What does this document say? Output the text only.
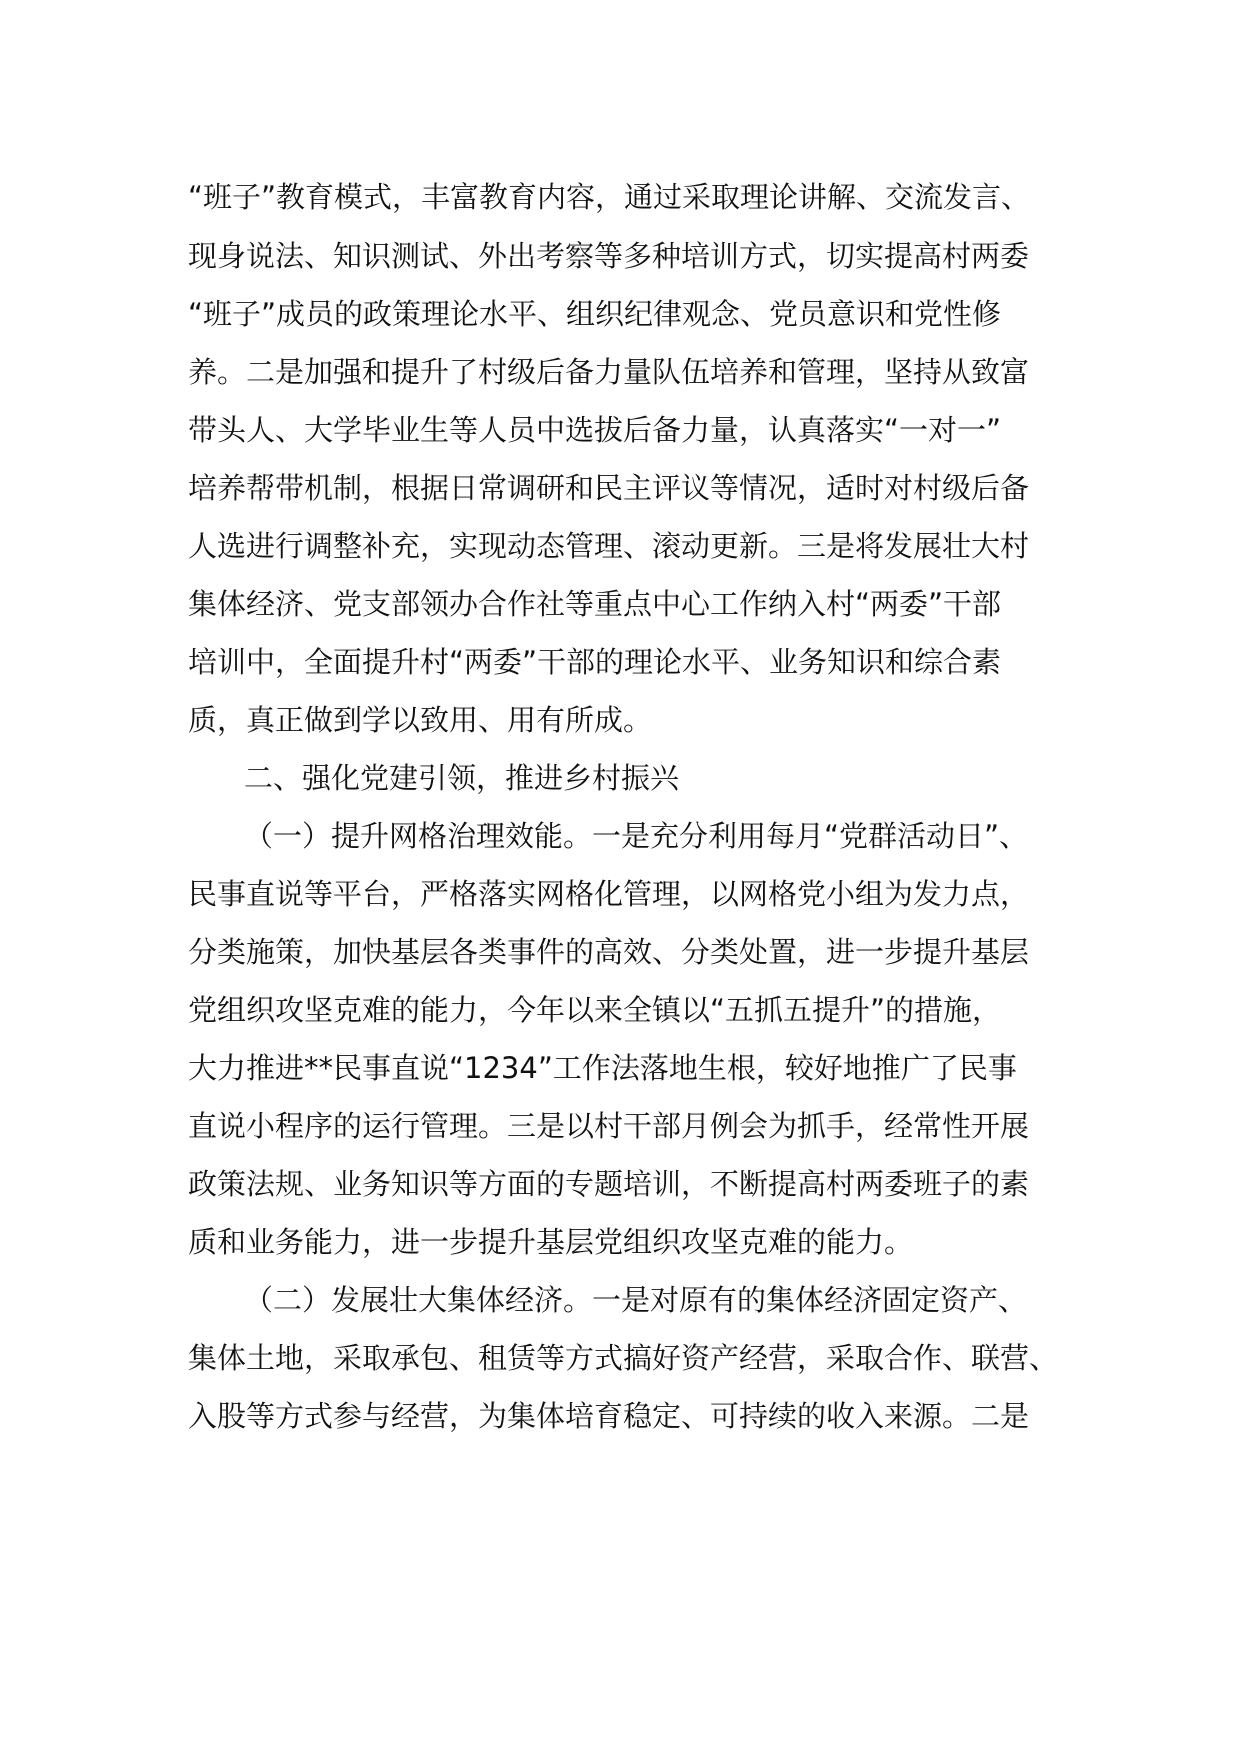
“班子”教育模式，丰富教育内容，通过采取理论讲解、交流发言、
现身说法、知识测试、外出考察等多种培训方式，切实提高村两委
“班子”成员的政策理论水平、组织纪律观念、党员意识和党性修
养。二是加强和提升了村级后备力量队伍培养和管理，坚持从致富
带头人、大学毕业生等人员中选拔后备力量，认真落实“一对一”
培养帮带机制，根据日常调研和民主评议等情况，适时对村级后备
人选进行调整补充，实现动态管理、滚动更新。三是将发展壮大村
集体经济、党支部领办合作社等重点中心工作纳入村“两委”干部
培训中，全面提升村“两委”干部的理论水平、业务知识和综合素
质，真正做到学以致用、用有所成。
二、强化党建引领，推进乡村振兴
（一）提升网格治理效能。一是充分利用每月“党群活动日”、
民事直说等平台，严格落实网格化管理，以网格党小组为发力点，
分类施策，加快基层各类事件的高效、分类处置，进一步提升基层
党组织攻坚克难的能力，今年以来全镇以“五抓五提升”的措施，
大力推进**民事直说“1234”工作法落地生根，较好地推广了民事
直说小程序的运行管理。三是以村干部月例会为抓手，经常性开展
政策法规、业务知识等方面的专题培训，不断提高村两委班子的素
质和业务能力，进一步提升基层党组织攻坚克难的能力。
（二）发展壮大集体经济。一是对原有的集体经济固定资产、
集体土地，采取承包、租赁等方式搞好资产经营，采取合作、联营、
入股等方式参与经营，为集体培育稳定、可持续的收入来源。二是
